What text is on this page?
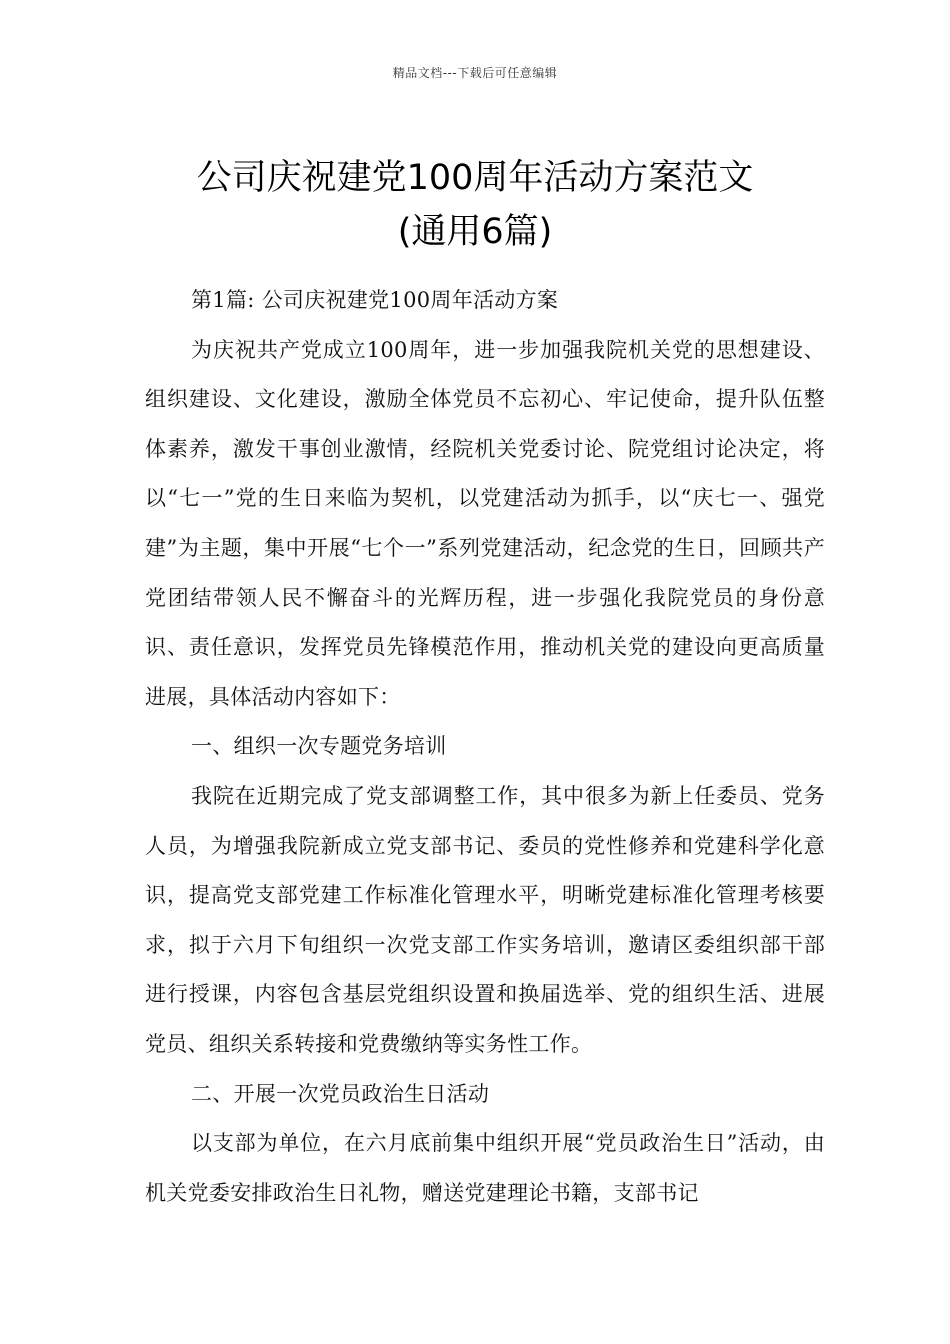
精品文档---下载后可任意编辑
公司庆祝建党100周年活动方案范文
(通用6篇)

第1篇: 公司庆祝建党100周年活动方案

为庆祝共产党成立100周年，进一步加强我院机关党的思想建设、组织建设、文化建设，激励全体党员不忘初心、牢记使命，提升队伍整体素养，激发干事创业激情，经院机关党委讨论、院党组讨论决定，将以“七一”党的生日来临为契机，以党建活动为抓手，以“庆七一、强党建”为主题，集中开展“七个一”系列党建活动，纪念党的生日，回顾共产党团结带领人民不懈奋斗的光辉历程，进一步强化我院党员的身份意识、责任意识，发挥党员先锋模范作用，推动机关党的建设向更高质量进展，具体活动内容如下：

一、组织一次专题党务培训

我院在近期完成了党支部调整工作，其中很多为新上任委员、党务人员，为增强我院新成立党支部书记、委员的党性修养和党建科学化意识，提高党支部党建工作标准化管理水平，明晰党建标准化管理考核要求，拟于六月下旬组织一次党支部工作实务培训，邀请区委组织部干部进行授课，内容包含基层党组织设置和换届选举、党的组织生活、进展党员、组织关系转接和党费缴纳等实务性工作。

二、开展一次党员政治生日活动

以支部为单位，在六月底前集中组织开展“党员政治生日”活动，由机关党委安排政治生日礼物，赠送党建理论书籍，支部书记
